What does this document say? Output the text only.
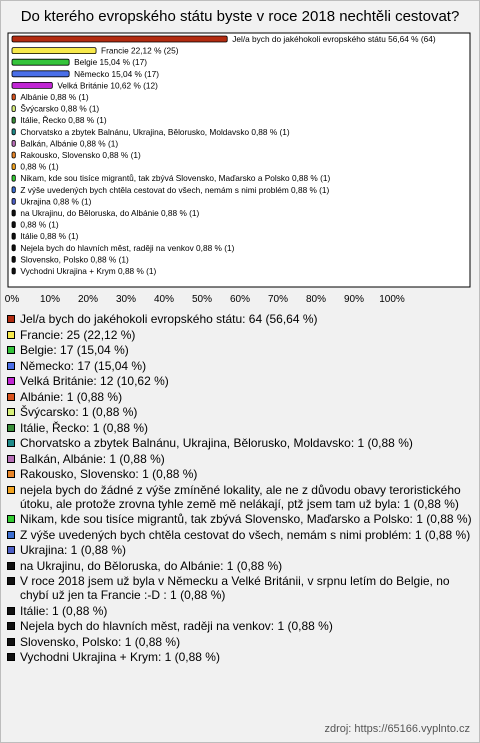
Do kterého evropského státu byste v roce 2018 nechtěli cestovat?
Jel/a bych do jakéhokoli evropského státu 56,64 % (64)
Francie 22,12 % (25)
Belgie 15,04 % (17)
Německo 15,04 % (17)
Velká Británie 10,62 % (12)
Albánie 0,88 % (1)
Švýcarsko 0,88 % (1)
Itálie, Řecko 0,88 % (1)
Chorvatsko a zbytek Balnánu, Ukrajina, Bělorusko, Moldavsko 0,88 % (1)
Balkán, Albánie 0,88 % (1)
Rakousko, Slovensko 0,88 % (1)
0,88 % (1)
Nikam, kde sou tisíce migrantů, tak zbývá Slovensko, Maďarsko a Polsko 0,88 % (1)
Z výše uvedených bych chtěla cestovat do všech, nemám s nimi problém 0,88 % (1)
Ukrajina 0,88 % (1)
na Ukrajinu, do Běloruska, do Albánie 0,88 % (1)
0,88 % (1)
Itálie 0,88 % (1)
Nejela bych do hlavních měst, raději na venkov 0,88 % (1)
Slovensko, Polsko 0,88 % (1)
Vychodni Ukrajina + Krym 0,88 % (1)
0% 10% 20% 30% 40% 50% 60% 70% 80% 90% 100%
Jel/a bych do jakéhokoli evropského státu: 64 (56,64 %)
Francie: 25 (22,12 %)
Belgie: 17 (15,04 %)
Německo: 17 (15,04 %)
Velká Británie: 12 (10,62 %)
Albánie: 1 (0,88 %)
Švýcarsko: 1 (0,88 %)
Itálie, Řecko: 1 (0,88 %)
Chorvatsko a zbytek Balnánu, Ukrajina, Bělorusko, Moldavsko: 1 (0,88 %)
Balkán, Albánie: 1 (0,88 %)
Rakousko, Slovensko: 1 (0,88 %)
nejela bych do žádné z výše zmíněné lokality, ale ne z důvodu obavy teroristického útoku, ale protože zrovna tyhle země mě nelákají, ptž jsem tam už byla: 1 (0,88 %)
Nikam, kde sou tisíce migrantů, tak zbývá Slovensko, Maďarsko a Polsko: 1 (0,88 %)
Z výše uvedených bych chtěla cestovat do všech, nemám s nimi problém: 1 (0,88 %)
Ukrajina: 1 (0,88 %)
na Ukrajinu, do Běloruska, do Albánie: 1 (0,88 %)
V roce 2018 jsem už byla v Německu a Velké Británii, v srpnu letím do Belgie, no chybí už jen ta Francie :-D : 1 (0,88 %)
Itálie: 1 (0,88 %)
Nejela bych do hlavních měst, raději na venkov: 1 (0,88 %)
Slovensko, Polsko: 1 (0,88 %)
Vychodni Ukrajina + Krym: 1 (0,88 %)
zdroj: https://65166.vyplnto.cz
